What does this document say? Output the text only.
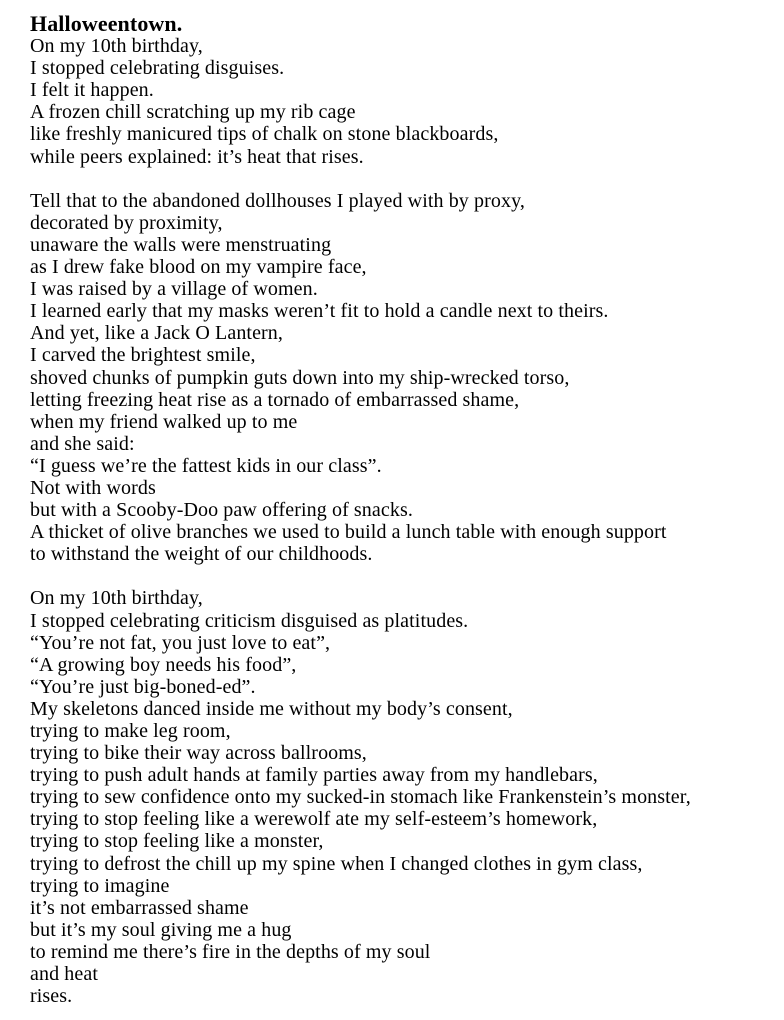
Halloweentown.
On my 10th birthday,
I stopped celebrating disguises.
I felt it happen.
A frozen chill scratching up my rib cage
like freshly manicured tips of chalk on stone blackboards,
while peers explained: it’s heat that rises.
Tell that to the abandoned dollhouses I played with by proxy,
decorated by proximity,
unaware the walls were menstruating
as I drew fake blood on my vampire face,
I was raised by a village of women.
I learned early that my masks weren’t fit to hold a candle next to theirs.
And yet, like a Jack O Lantern,
I carved the brightest smile,
shoved chunks of pumpkin guts down into my ship-wrecked torso,
letting freezing heat rise as a tornado of embarrassed shame,
when my friend walked up to me
and she said:
“I guess we’re the fattest kids in our class”.
Not with words
but with a Scooby-Doo paw offering of snacks.
A thicket of olive branches we used to build a lunch table with enough support
to withstand the weight of our childhoods.
On my 10th birthday,
I stopped celebrating criticism disguised as platitudes.
“You’re not fat, you just love to eat”,
“A growing boy needs his food”,
“You’re just big-boned-ed”.
My skeletons danced inside me without my body’s consent,
trying to make leg room,
trying to bike their way across ballrooms,
trying to push adult hands at family parties away from my handlebars,
trying to sew confidence onto my sucked-in stomach like Frankenstein’s monster,
trying to stop feeling like a werewolf ate my self-esteem’s homework,
trying to stop feeling like a monster,
trying to defrost the chill up my spine when I changed clothes in gym class,
trying to imagine
it’s not embarrassed shame
but it’s my soul giving me a hug
to remind me there’s fire in the depths of my soul
and heat
rises.
